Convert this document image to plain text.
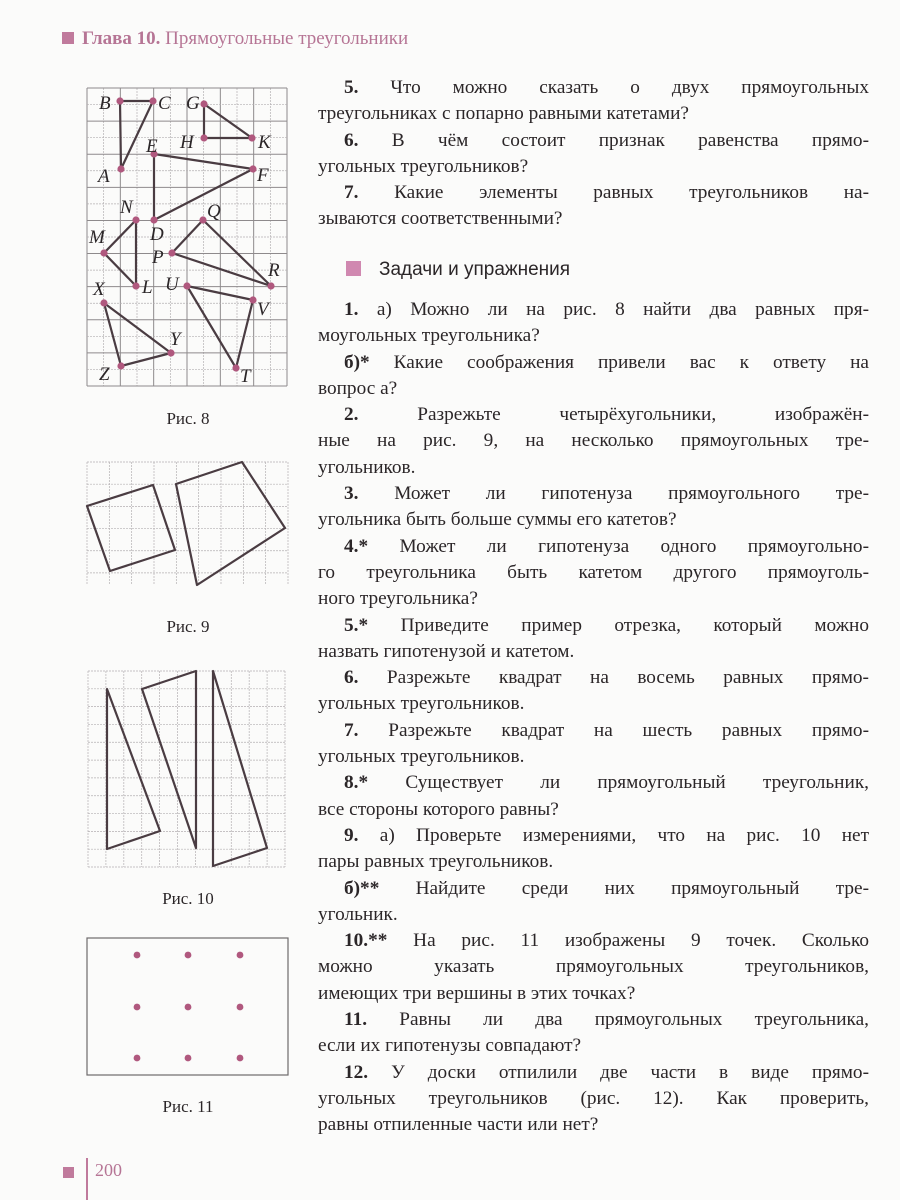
Глава 10. Прямоугольные треугольники
A
B C
D
E
F
G
H	K
L
M
N
P
Q
R
T
U
V
X
Y
Z
Рис. 8
Рис. 9
Рис. 10
Рис. 11
5. Что можно сказать о двух прямоугольных
треугольниках с попарно равными катетами?
6. В чём состоит признак равенства прямо-
угольных треугольников?
7. Какие элементы равных треугольников на-
зываются соответственными?
Задачи и упражнения
1. а) Можно ли на рис. 8 найти два равных пря-
моугольных треугольника?
б)* Какие соображения привели вас к ответу на
вопрос а?
2.	Разрежьте четырёхугольники, изображён-
ные на рис. 9, на несколько прямоугольных тре-
угольников.
3. Может ли гипотенуза прямоугольного тре-
угольника быть больше суммы его катетов?
4.* Может ли гипотенуза одного прямоугольно-
го треугольника быть катетом другого прямоуголь-
ного треугольника?
5.* Приведите пример отрезка, который можно
назвать гипотенузой и катетом.
6. Разрежьте квадрат на восемь равных прямо-
угольных треугольников.
7. Разрежьте квадрат на шесть равных прямо-
угольных треугольников.
8.* Существует ли прямоугольный треугольник,
все стороны которого равны?
9. а) Проверьте измерениями, что на рис. 10 нет
пары равных треугольников.
б)** Найдите среди них прямоугольный тре-
угольник.
10.** На рис. 11 изображены 9 точек. Сколько
можно указать прямоугольных треугольников,
имеющих три вершины в этих точках?
11. Равны ли два прямоугольных треугольника,
если их гипотенузы совпадают?
12. У доски отпилили две части в виде прямо-
угольных треугольников (рис. 12). Как проверить,
равны отпиленные части или нет?
200
